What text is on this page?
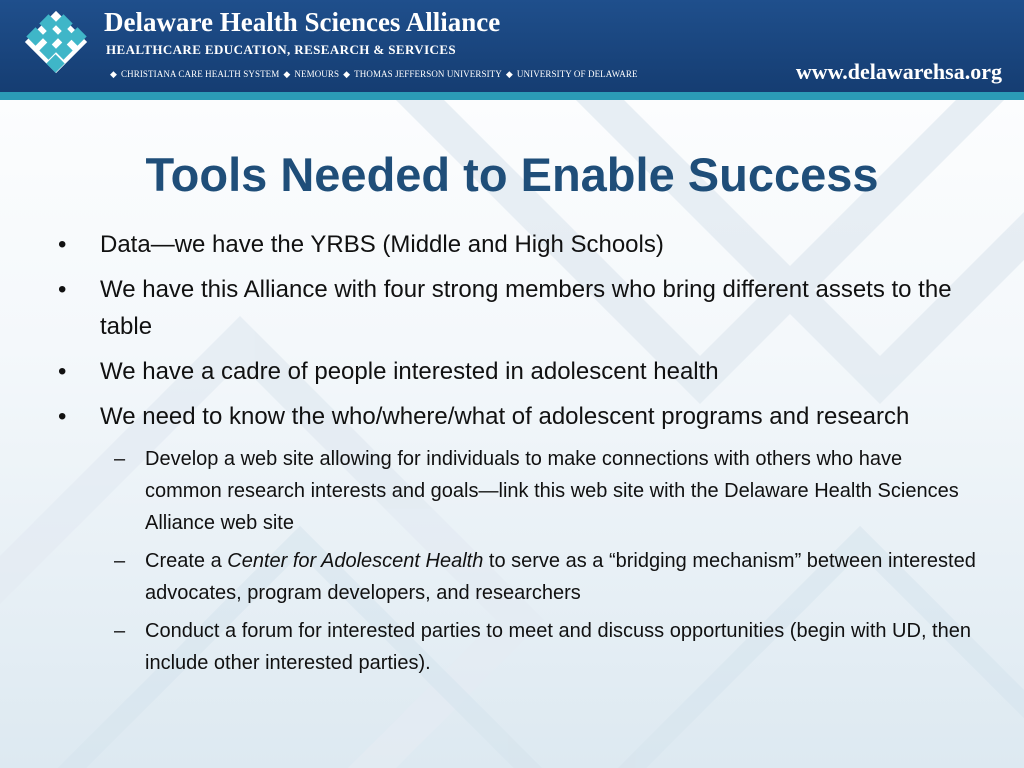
Delaware Health Sciences Alliance
HEALTHCARE EDUCATION, RESEARCH & SERVICES
◆ CHRISTIANA CARE HEALTH SYSTEM ◆ NEMOURS ◆ THOMAS JEFFERSON UNIVERSITY ◆ UNIVERSITY OF DELAWARE	www.delawarehsa.org
Tools Needed to Enable Success
• Data—we have the YRBS (Middle and High Schools)
• We have this Alliance with four strong members who bring different assets to the table
• We have a cadre of people interested in adolescent health
• We need to know the who/where/what of adolescent programs and research
– Develop a web site allowing for individuals to make connections with others who have common research interests and goals—link this web site with the Delaware Health Sciences Alliance web site
– Create a Center for Adolescent Health to serve as a “bridging mechanism” between interested advocates, program developers, and researchers
– Conduct a forum for interested parties to meet and discuss opportunities (begin with UD, then include other interested parties).
